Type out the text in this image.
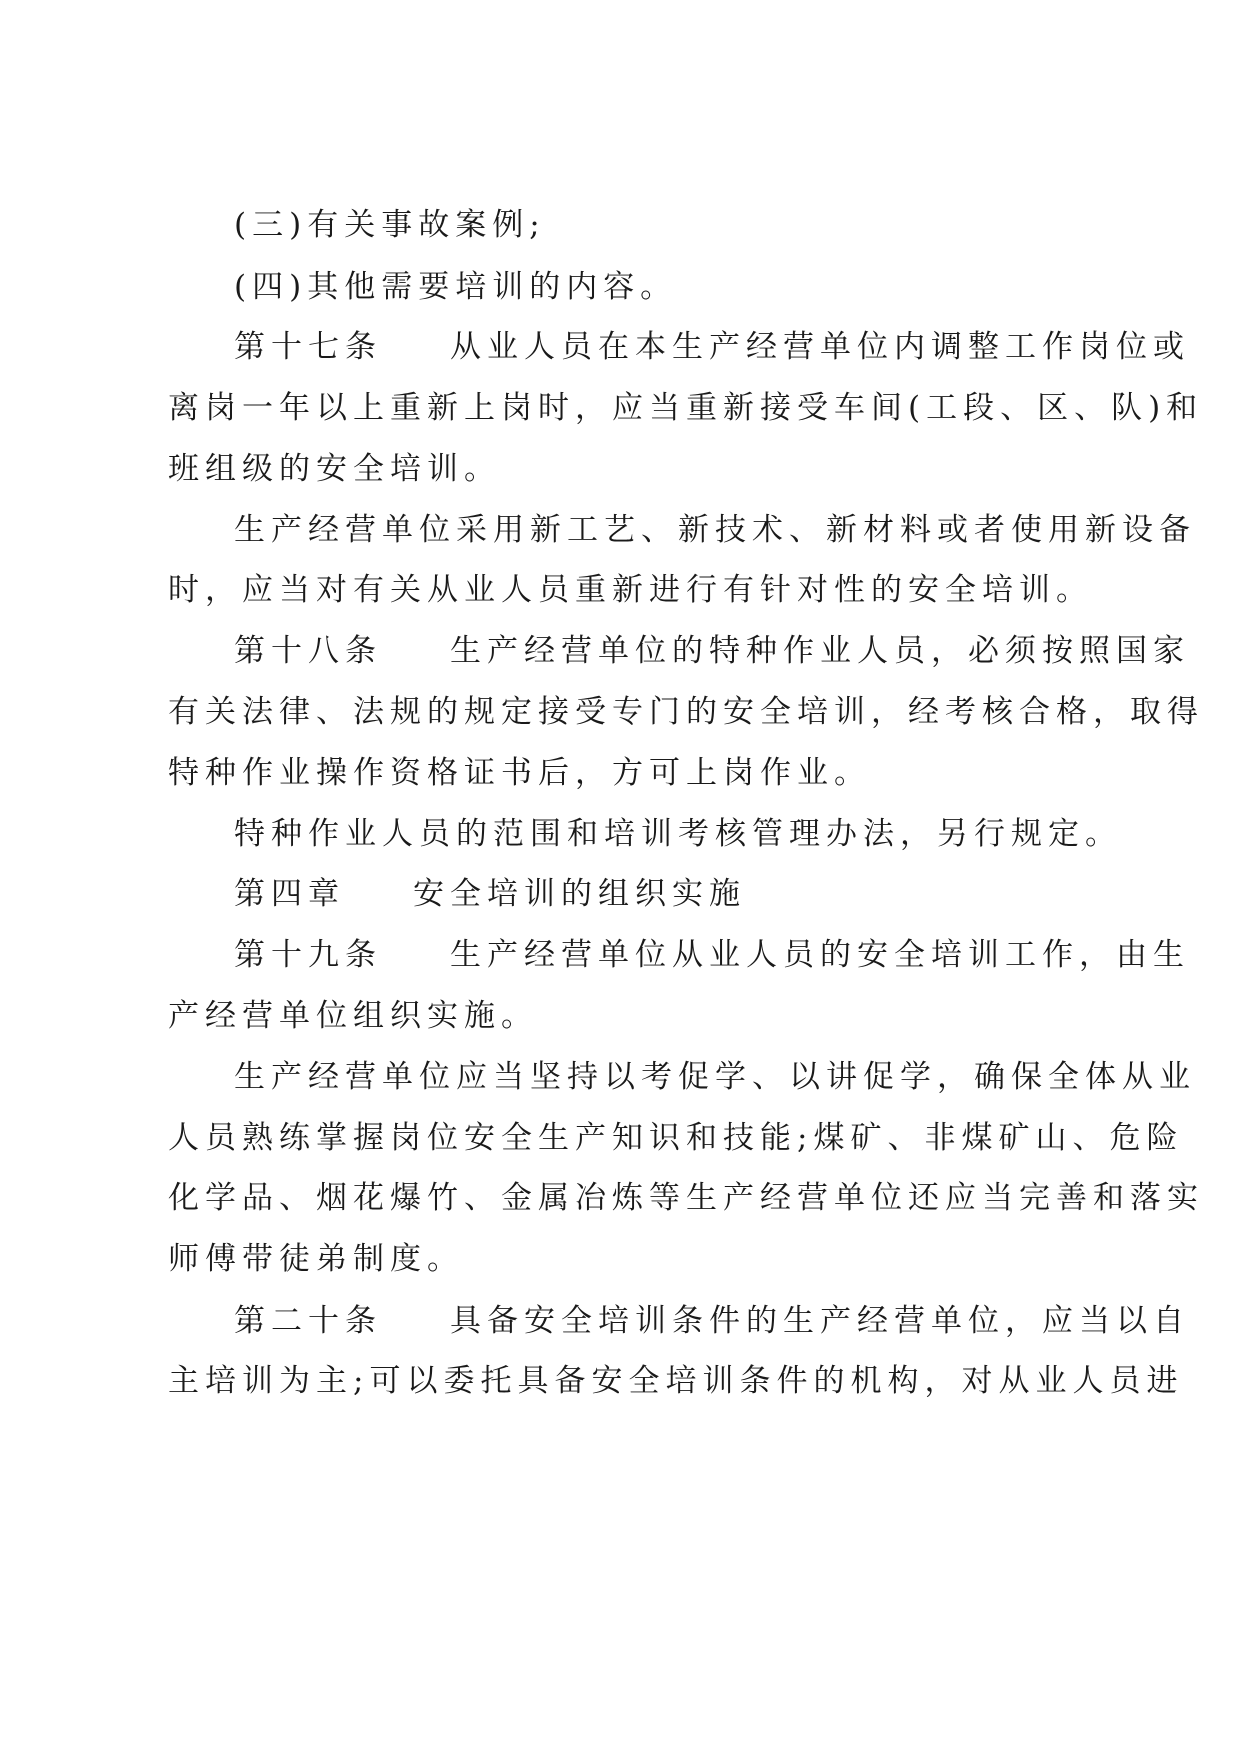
(三)有关事故案例;
(四)其他需要培训的内容。
第十七条 从业人员在本生产经营单位内调整工作岗位或
离岗一年以上重新上岗时，应当重新接受车间(工段、区、队)和
班组级的安全培训。
生产经营单位采用新工艺、新技术、新材料或者使用新设备
时，应当对有关从业人员重新进行有针对性的安全培训。
第十八条 生产经营单位的特种作业人员，必须按照国家
有关法律、法规的规定接受专门的安全培训，经考核合格，取得
特种作业操作资格证书后，方可上岗作业。
特种作业人员的范围和培训考核管理办法，另行规定。
第四章 安全培训的组织实施
第十九条 生产经营单位从业人员的安全培训工作，由生
产经营单位组织实施。
生产经营单位应当坚持以考促学、以讲促学，确保全体从业
人员熟练掌握岗位安全生产知识和技能;煤矿、非煤矿山、危险
化学品、烟花爆竹、金属冶炼等生产经营单位还应当完善和落实
师傅带徒弟制度。
第二十条 具备安全培训条件的生产经营单位，应当以自
主培训为主;可以委托具备安全培训条件的机构，对从业人员进
